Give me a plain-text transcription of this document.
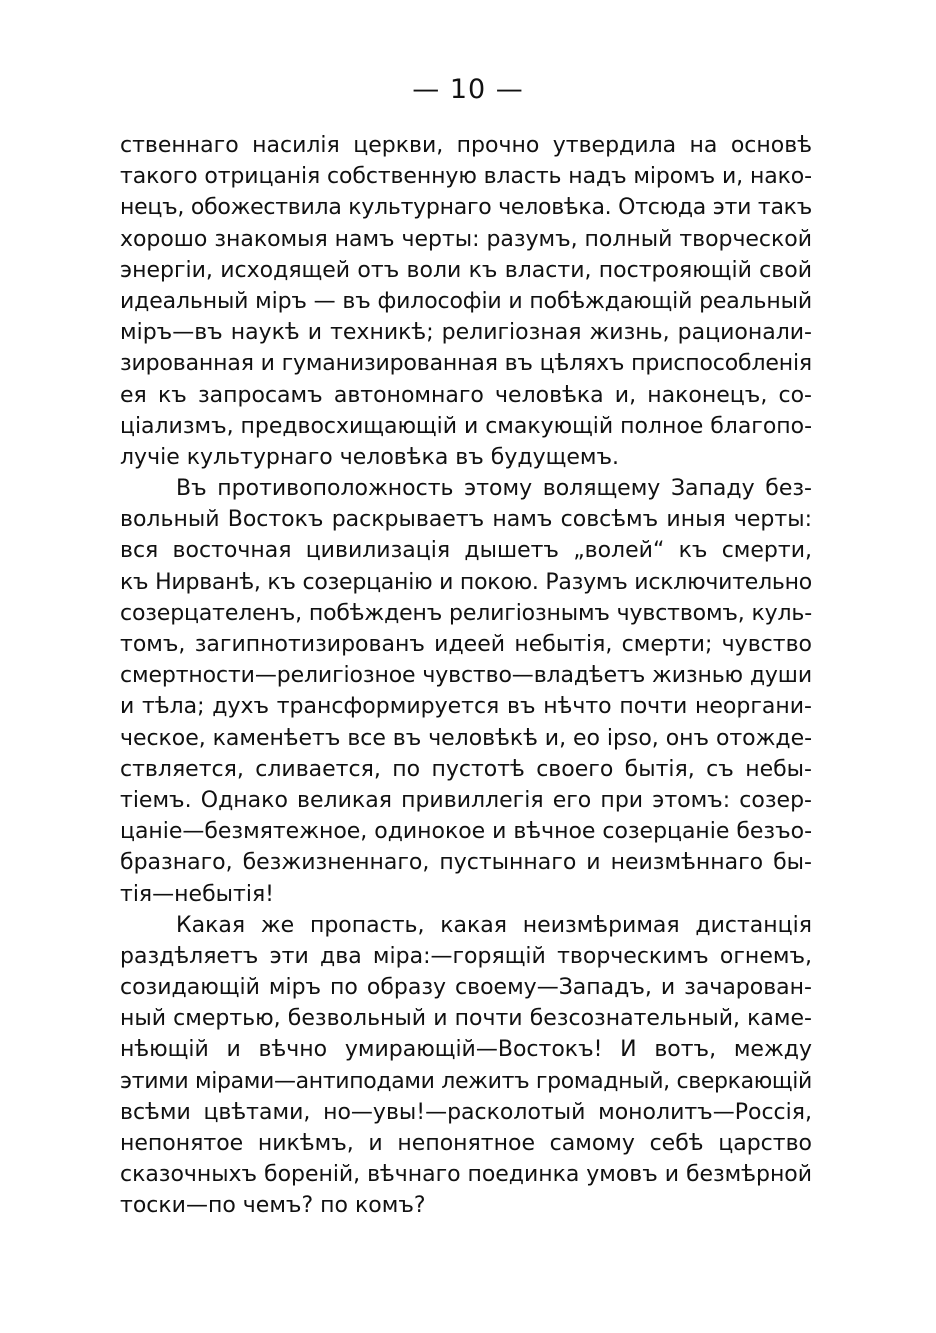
— 10 —
ственнаго насилія церкви, прочно утвердила на основѣ
такого отрицанія собственную власть надъ міромъ и, нако-
нецъ, обожествила культурнаго человѣка. Отсюда эти такъ
хорошо знакомыя намъ черты: разумъ, полный творческой
энергіи, исходящей отъ воли къ власти, построяющій свой
идеальный міръ — въ философіи и побѣждающій реальный
міръ—въ наукѣ и техникѣ; религіозная жизнь, рационали-
зированная и гуманизированная въ цѣляхъ приспособленія
ея къ запросамъ автономнаго человѣка и, наконецъ, со-
ціализмъ, предвосхищающій и смакующій полное благопо-
лучіе культурнаго человѣка въ будущемъ.
Въ противоположность этому волящему Западу без-
вольный Востокъ раскрываетъ намъ совсѣмъ иныя черты:
вся восточная цивилизація дышетъ „волей“ къ смерти,
къ Нирванѣ, къ созерцанію и покою. Разумъ исключительно
созерцателенъ, побѣжденъ религіознымъ чувствомъ, куль-
томъ, загипнотизированъ идеей небытія, смерти; чувство
смертности—религіозное чувство—владѣетъ жизнью души
и тѣла; духъ трансформируется въ нѣчто почти неоргани-
ческое, каменѣетъ все въ человѣкѣ и, eo ipso, онъ отожде-
ствляется, сливается, по пустотѣ своего бытія, съ небы-
тіемъ. Однако великая привиллегія его при этомъ: созер-
цаніе—безмятежное, одинокое и вѣчное созерцаніе безъо-
бразнаго, безжизненнаго, пустыннаго и неизмѣннаго бы-
тія—небытія!
Какая же пропасть, какая неизмѣримая дистанція
раздѣляетъ эти два міра:—горящій творческимъ огнемъ,
созидающій міръ по образу своему—Западъ, и зачарован-
ный смертью, безвольный и почти безсознательный, каме-
нѣющій и вѣчно умирающій—Востокъ! И вотъ, между
этими мірами—антиподами лежитъ громадный, сверкающій
всѣми цвѣтами, но—увы!—расколотый монолитъ—Россія,
непонятое никѣмъ, и непонятное самому себѣ царство
сказочныхъ бореній, вѣчнаго поединка умовъ и безмѣрной
тоски—по чемъ? по комъ?
